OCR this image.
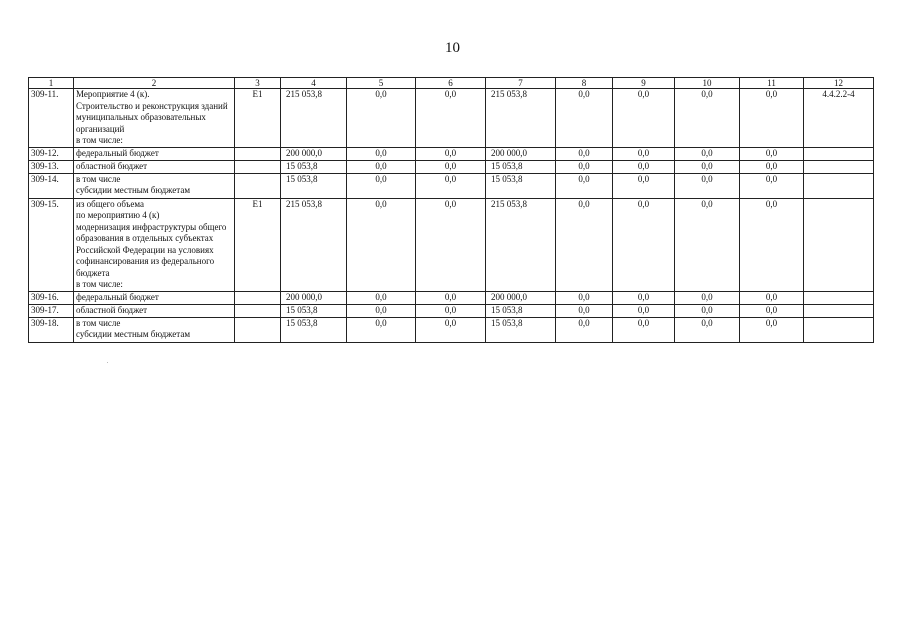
10
1	2	3	4	5	6	7	8	9	10	11	12
309-11.	Мероприятие 4 (к).
Строительство и реконструкция зданий муниципальных образовательных организаций
в том числе:	E1	215 053,8	0,0	0,0	215 053,8	0,0	0,0	0,0	0,0	4.4.2.2-4
309-12.	федеральный бюджет		200 000,0	0,0	0,0	200 000,0	0,0	0,0	0,0	0,0	
309-13.	областной бюджет		15 053,8	0,0	0,0	15 053,8	0,0	0,0	0,0	0,0	
309-14.	в том числе
субсидии местным бюджетам		15 053,8	0,0	0,0	15 053,8	0,0	0,0	0,0	0,0	
309-15.	из общего объема
по мероприятию 4 (к)
модернизация инфраструктуры общего образования в отдельных субъектах Российской Федерации на условиях софинансирования из федерального бюджета
в том числе:	E1	215 053,8	0,0	0,0	215 053,8	0,0	0,0	0,0	0,0	
309-16.	федеральный бюджет		200 000,0	0,0	0,0	200 000,0	0,0	0,0	0,0	0,0	
309-17.	областной бюджет		15 053,8	0,0	0,0	15 053,8	0,0	0,0	0,0	0,0	
309-18.	в том числе
субсидии местным бюджетам		15 053,8	0,0	0,0	15 053,8	0,0	0,0	0,0	0,0	
